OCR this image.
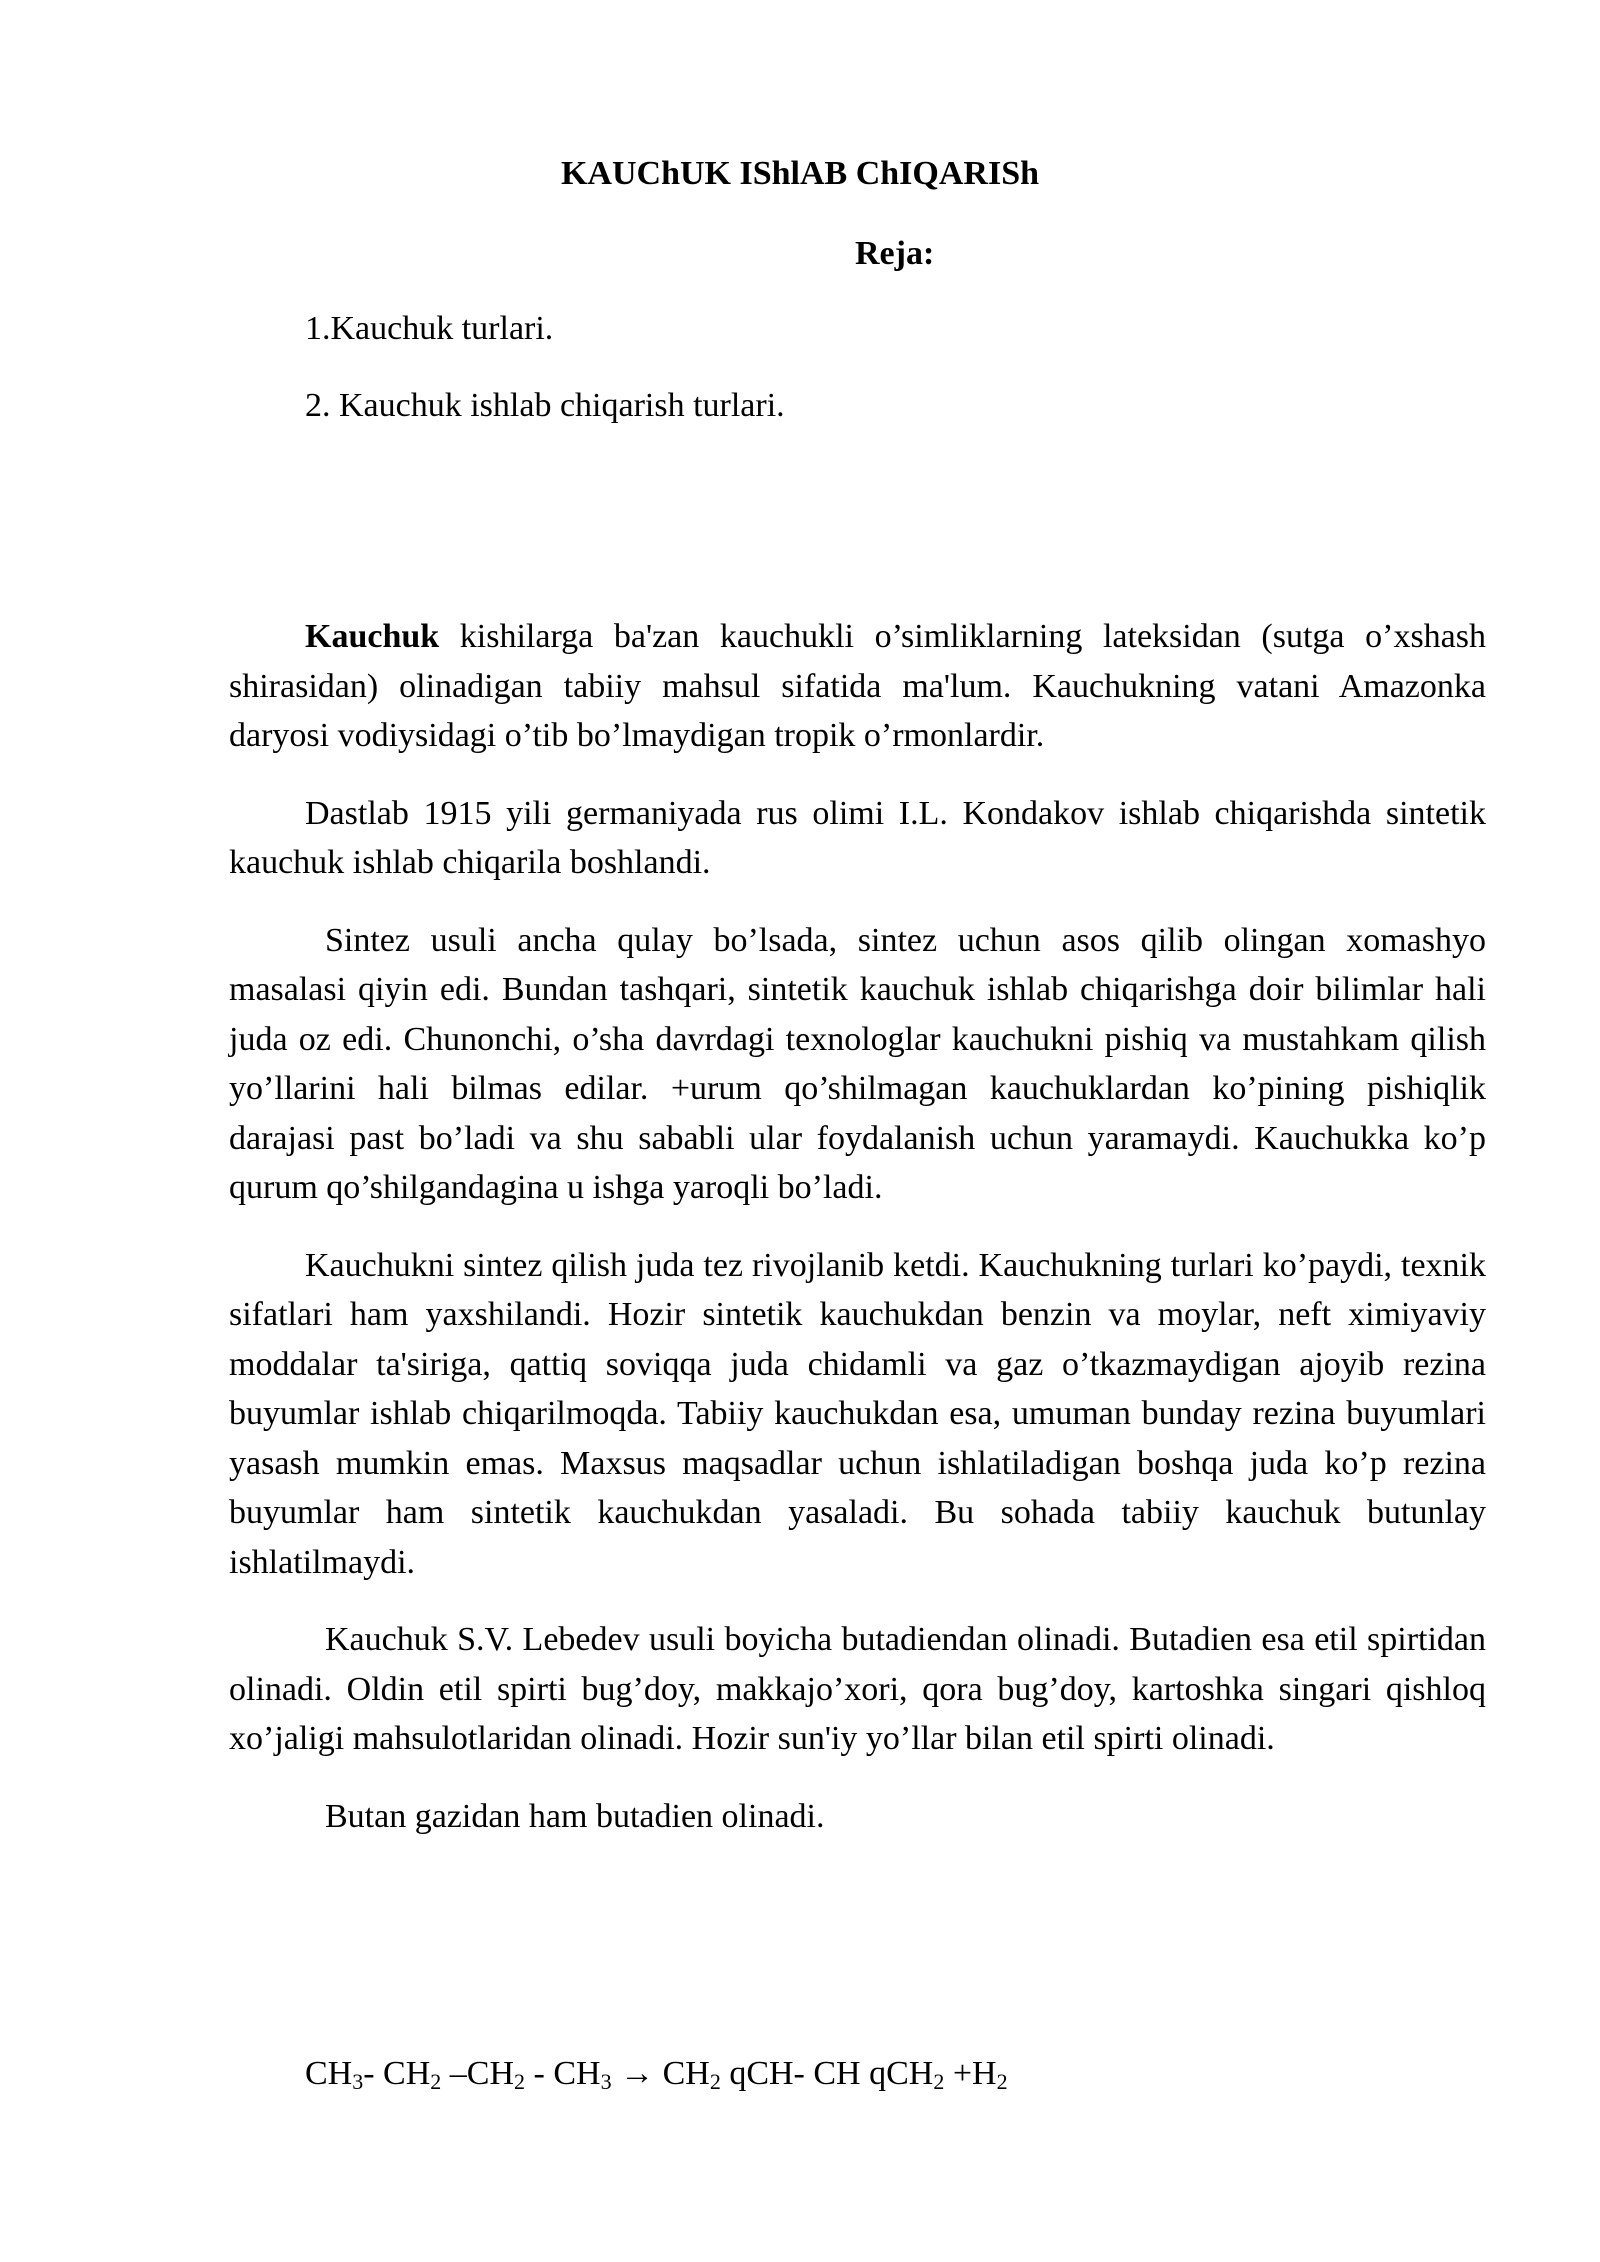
KAUChUK IShlAB ChIQARISh
Reja:
1.Kauchuk turlari.
2. Kauchuk ishlab chiqarish turlari.

Kauchuk kishilarga ba'zan kauchukli o’simliklarning lateksidan (sutga o’xshash shirasidan) olinadigan tabiiy mahsul sifatida ma'lum. Kauchukning vatani Amazonka daryosi vodiysidagi o’tib bo’lmaydigan tropik o’rmonlardir.

Dastlab 1915 yili germaniyada rus olimi I.L. Kondakov ishlab chiqarishda sintetik kauchuk ishlab chiqarila boshlandi.

Sintez usuli ancha qulay bo’lsada, sintez uchun asos qilib olingan xomashyo masalasi qiyin edi. Bundan tashqari, sintetik kauchuk ishlab chiqarishga doir bilimlar hali juda oz edi. Chunonchi, o’sha davrdagi texnologlar kauchukni pishiq va mustahkam qilish yo’llarini hali bilmas edilar. +urum qo’shilmagan kauchuklardan ko’pining pishiqlik darajasi past bo’ladi va shu sababli ular foydalanish uchun yaramaydi. Kauchukka ko’p qurum qo’shilgandagina u ishga yaroqli bo’ladi.

Kauchukni sintez qilish juda tez rivojlanib ketdi. Kauchukning turlari ko’paydi, texnik sifatlari ham yaxshilandi. Hozir sintetik kauchukdan benzin va moylar, neft ximiyaviy moddalar ta'siriga, qattiq soviqqa juda chidamli va gaz o’tkazmaydigan ajoyib rezina buyumlar ishlab chiqarilmoqda. Tabiiy kauchukdan esa, umuman bunday rezina buyumlari yasash mumkin emas. Maxsus maqsadlar uchun ishlatiladigan boshqa juda ko’p rezina buyumlar ham sintetik kauchukdan yasaladi. Bu sohada tabiiy kauchuk butunlay ishlatilmaydi.

Kauchuk S.V. Lebedev usuli boyicha butadiendan olinadi. Butadien esa etil spirtidan olinadi. Oldin etil spirti bug’doy, makkajo’xori, qora bug’doy, kartoshka singari qishloq xo’jaligi mahsulotlaridan olinadi. Hozir sun'iy yo’llar bilan etil spirti olinadi.

Butan gazidan ham butadien olinadi.

$CH_3-$ $CH_2$ $-CH_2 - CH_3 \to CH_2$ qCH- CH $qCH_2 +H_2$
